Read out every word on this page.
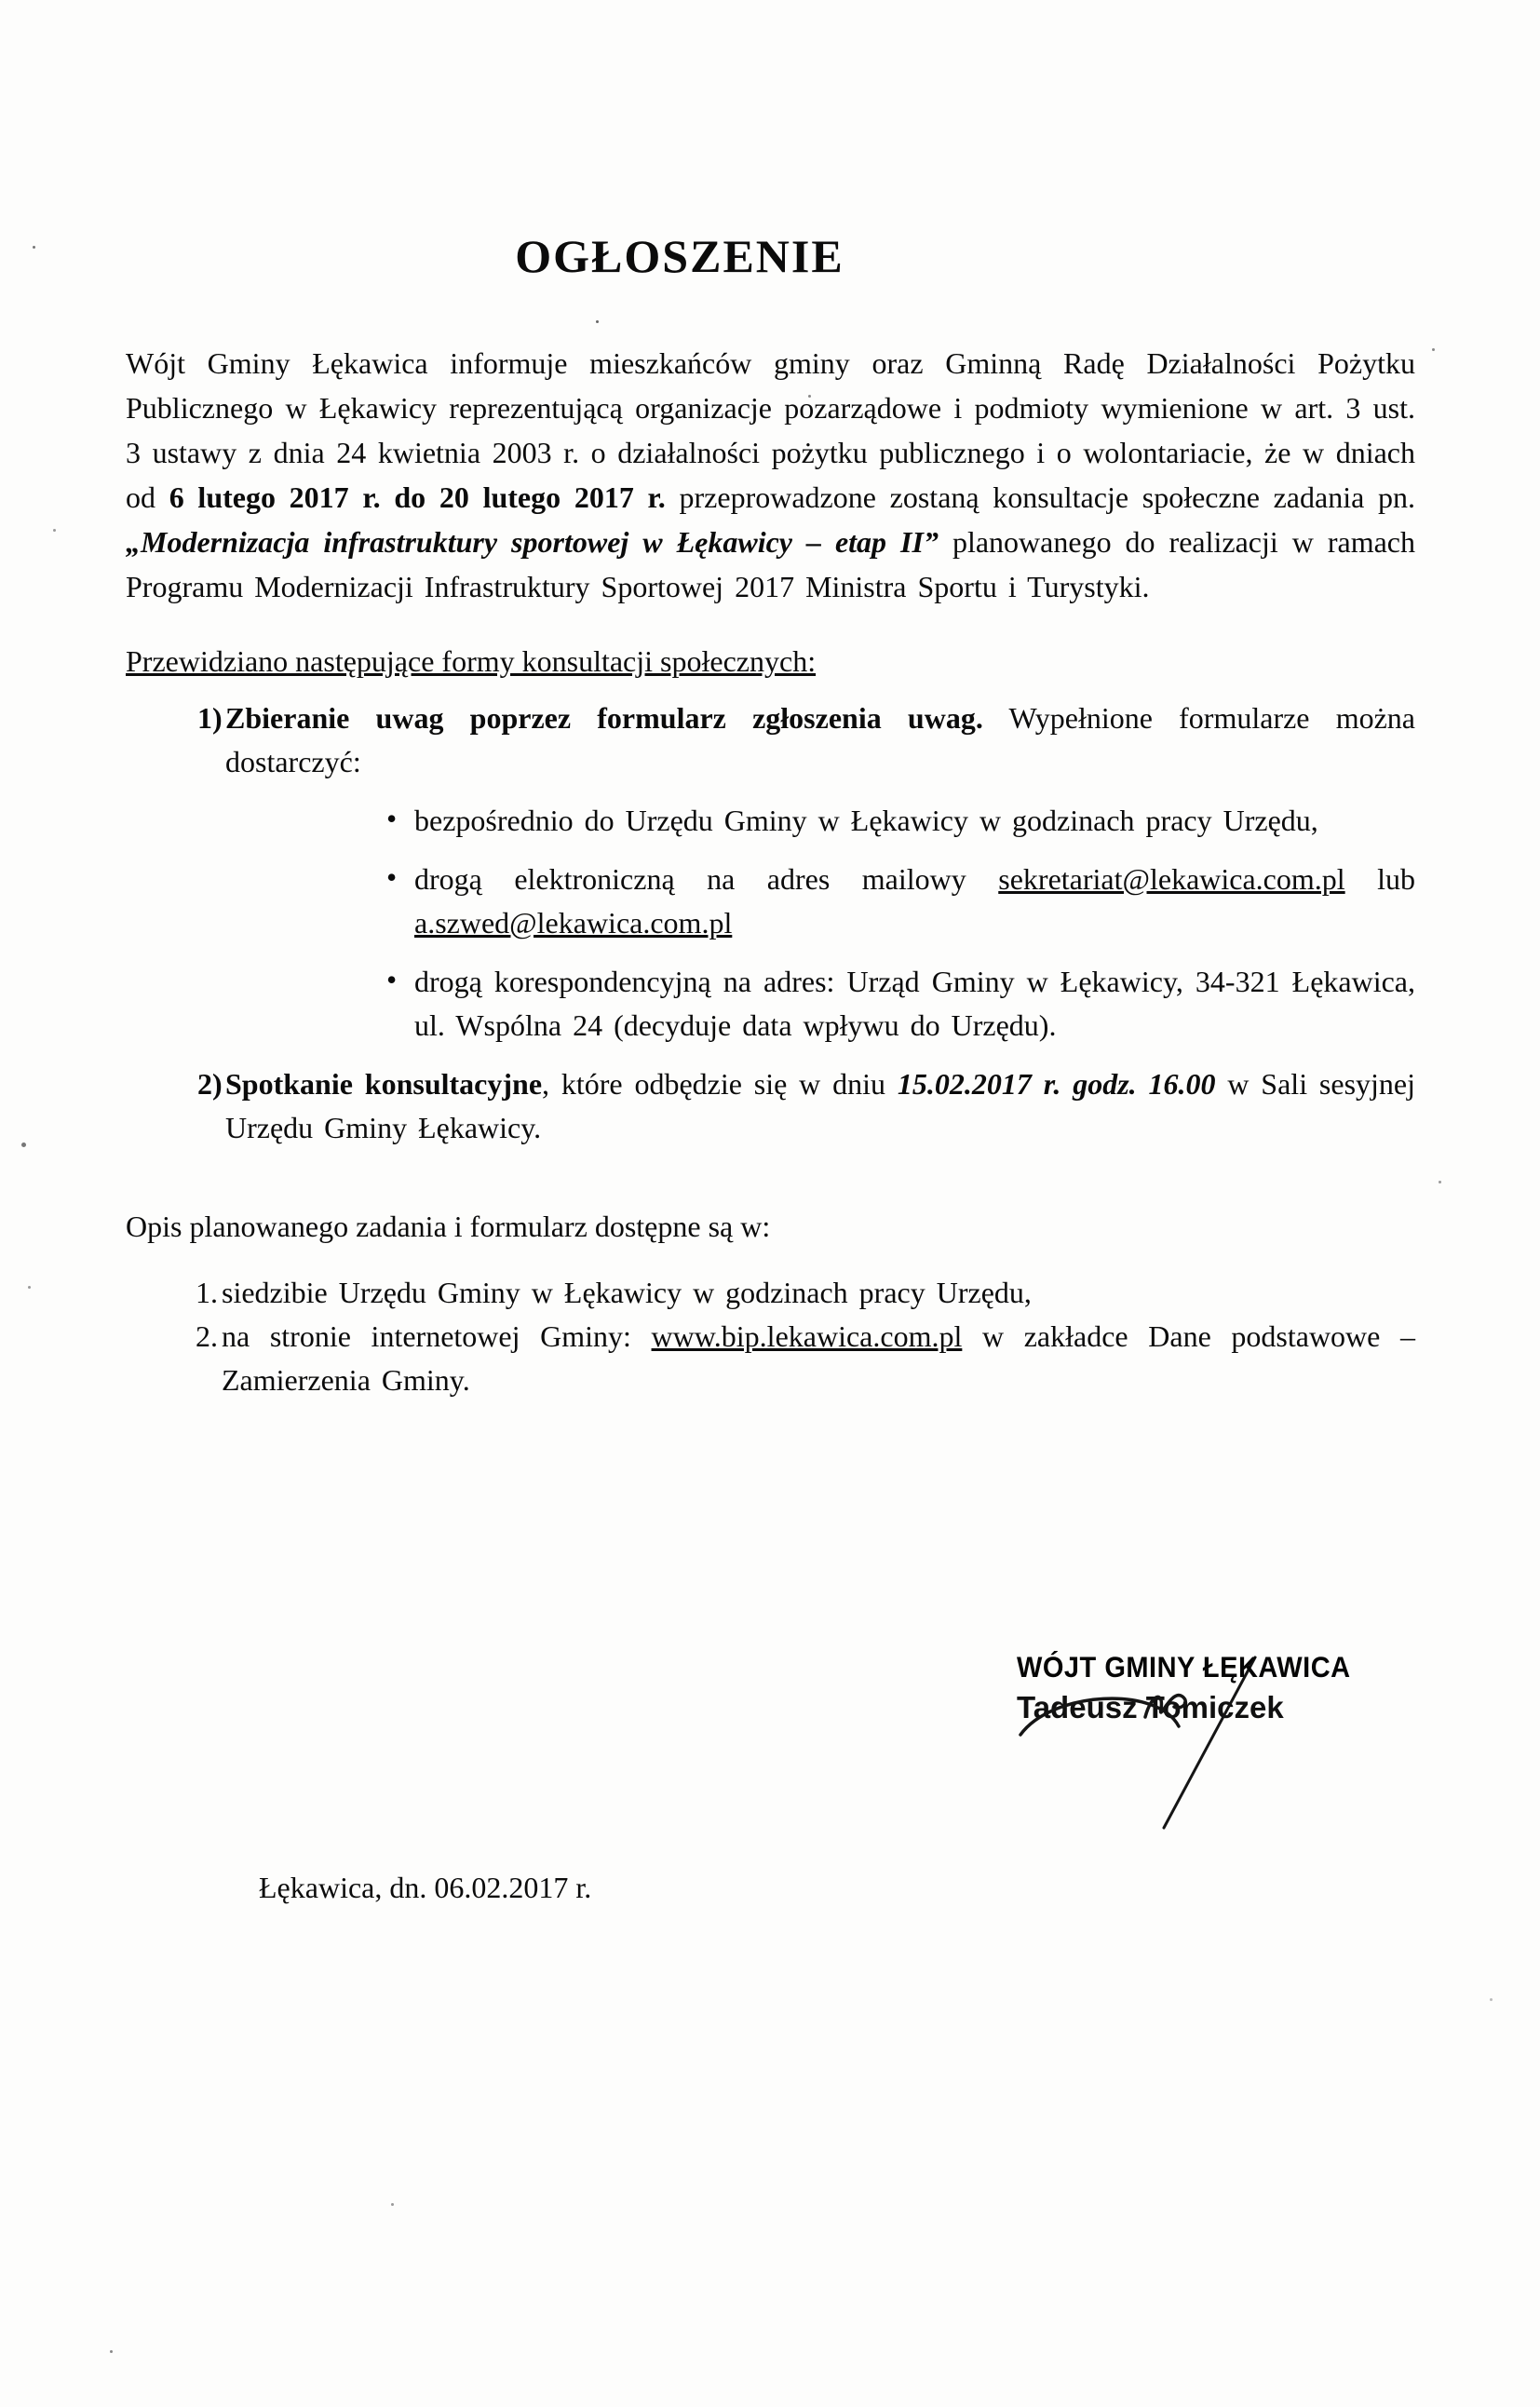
OGŁOSZENIE

Wójt Gminy Łękawica informuje mieszkańców gminy oraz Gminną Radę Działalności Pożytku Publicznego w Łękawicy reprezentującą organizacje pozarządowe i podmioty wymienione w art. 3 ust. 3 ustawy z dnia 24 kwietnia 2003 r. o działalności pożytku publicznego i o wolontariacie, że w dniach od 6 lutego 2017 r. do 20 lutego 2017 r. przeprowadzone zostaną konsultacje społeczne zadania pn. „Modernizacja infrastruktury sportowej w Łękawicy – etap II” planowanego do realizacji w ramach Programu Modernizacji Infrastruktury Sportowej 2017 Ministra Sportu i Turystyki.

Przewidziano następujące formy konsultacji społecznych:
1) Zbieranie uwag poprzez formularz zgłoszenia uwag. Wypełnione formularze można dostarczyć:
• bezpośrednio do Urzędu Gminy w Łękawicy w godzinach pracy Urzędu,
• drogą elektroniczną na adres mailowy sekretariat@lekawica.com.pl lub a.szwed@lekawica.com.pl
• drogą korespondencyjną na adres: Urząd Gminy w Łękawicy, 34-321 Łękawica, ul. Wspólna 24 (decyduje data wpływu do Urzędu).
2) Spotkanie konsultacyjne, które odbędzie się w dniu 15.02.2017 r. godz. 16.00 w Sali sesyjnej Urzędu Gminy Łękawicy.
Opis planowanego zadania i formularz dostępne są w:
1. siedzibie Urzędu Gminy w Łękawicy w godzinach pracy Urzędu,
2. na stronie internetowej Gminy: www.bip.lekawica.com.pl w zakładce Dane podstawowe – Zamierzenia Gminy.
WÓJT GMINY ŁĘKAWICA
Tadeusz Tomiczek
Łękawica, dn. 06.02.2017 r.
